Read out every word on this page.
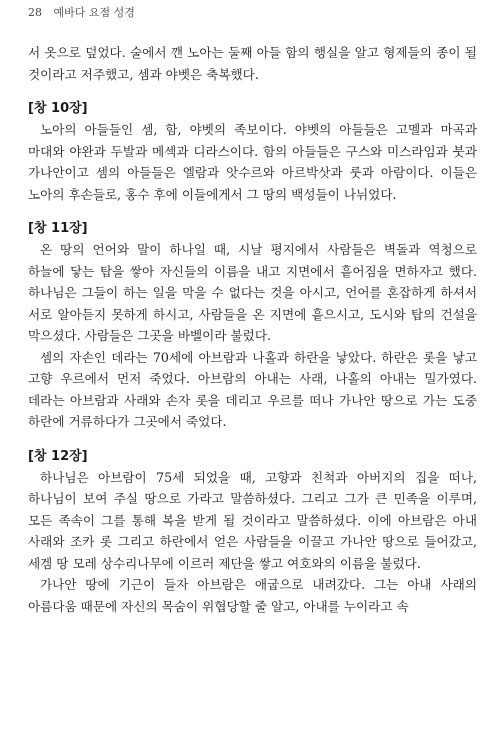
28 예바다 요점 성경

서 옷으로 덮었다. 술에서 깬 노아는 둘째 아들 함의 행실을 알고 형제들의 종이 될 것이라고 저주했고, 셈과 야벳은 축복했다.

[창 10장]

노아의 아들들인 셈, 함, 야벳의 족보이다. 야벳의 아들들은 고멜과 마곡과 마대와 야완과 두발과 메섹과 디라스이다. 함의 아들들은 구스와 미스라임과 붓과 가나안이고 셈의 아들들은 엘람과 앗수르와 아르박삿과 룻과 아람이다. 이들은 노아의 후손들로, 홍수 후에 이들에게서 그 땅의 백성들이 나뉘었다.

[창 11장]

온 땅의 언어와 말이 하나일 때, 시날 평지에서 사람들은 벽돌과 역청으로 하늘에 닿는 탑을 쌓아 자신들의 이름을 내고 지면에서 흩어짐을 면하자고 했다. 하나님은 그들이 하는 일을 막을 수 없다는 것을 아시고, 언어를 혼잡하게 하셔서 서로 알아듣지 못하게 하시고, 사람들을 온 지면에 흩으시고, 도시와 탑의 건설을 막으셨다. 사람들은 그곳을 바벨이라 불렀다.

셈의 자손인 데라는 70세에 아브람과 나홀과 하란을 낳았다. 하란은 롯을 낳고 고향 우르에서 먼저 죽었다. 아브람의 아내는 사래, 나홀의 아내는 밀가였다. 데라는 아브람과 사래와 손자 롯을 데리고 우르를 떠나 가나안 땅으로 가는 도중 하란에 거류하다가 그곳에서 죽었다.

[창 12장]

하나님은 아브람이 75세 되었을 때, 고향과 친척과 아버지의 집을 떠나, 하나님이 보여 주실 땅으로 가라고 말씀하셨다. 그리고 그가 큰 민족을 이루며, 모든 족속이 그를 통해 복을 받게 될 것이라고 말씀하셨다. 이에 아브람은 아내 사래와 조카 롯 그리고 하란에서 얻은 사람들을 이끌고 가나안 땅으로 들어갔고, 세겜 땅 모레 상수리나무에 이르러 제단을 쌓고 여호와의 이름을 불렀다.

가나안 땅에 기근이 들자 아브람은 애굽으로 내려갔다. 그는 아내 사래의 아름다움 때문에 자신의 목숨이 위협당할 줄 알고, 아내를 누이라고 속
